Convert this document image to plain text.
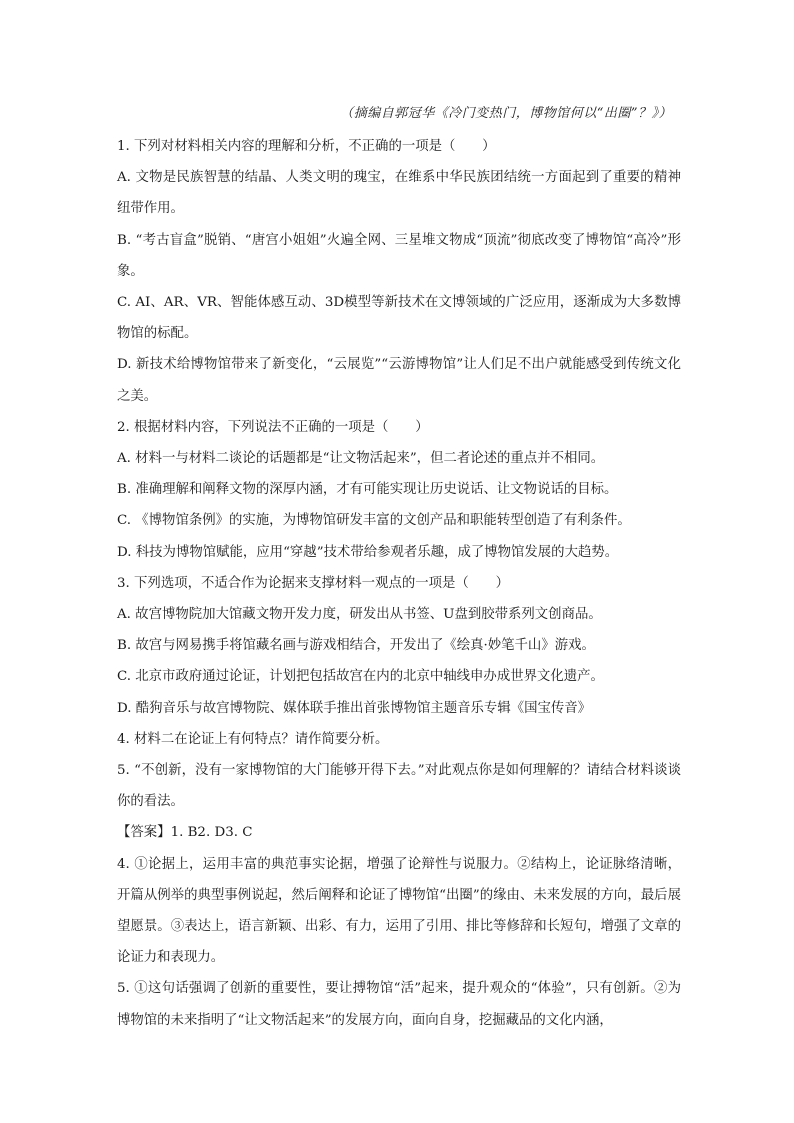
（摘编自郭冠华《冷门变热门，博物馆何以“出圈”？》）

1. 下列对材料相关内容的理解和分析，不正确的一项是（　　）

A. 文物是民族智慧的结晶、人类文明的瑰宝，在维系中华民族团结统一方面起到了重要的精神纽带作用。

B. “考古盲盒”脱销、“唐宫小姐姐”火遍全网、三星堆文物成“顶流”彻底改变了博物馆“高冷”形象。

C. AI、AR、VR、智能体感互动、3D模型等新技术在文博领域的广泛应用，逐渐成为大多数博物馆的标配。

D. 新技术给博物馆带来了新变化，“云展览”“云游博物馆”让人们足不出户就能感受到传统文化之美。

2. 根据材料内容，下列说法不正确的一项是（　　）

A. 材料一与材料二谈论的话题都是“让文物活起来”，但二者论述的重点并不相同。

B. 准确理解和阐释文物的深厚内涵，才有可能实现让历史说话、让文物说话的目标。

C. 《博物馆条例》的实施，为博物馆研发丰富的文创产品和职能转型创造了有利条件。

D. 科技为博物馆赋能，应用“穿越”技术带给参观者乐趣，成了博物馆发展的大趋势。

3. 下列选项，不适合作为论据来支撑材料一观点的一项是（　　）

A. 故宫博物院加大馆藏文物开发力度，研发出从书签、U盘到胶带系列文创商品。

B. 故宫与网易携手将馆藏名画与游戏相结合，开发出了《绘真·妙笔千山》游戏。

C. 北京市政府通过论证，计划把包括故宫在内的北京中轴线申办成世界文化遗产。

D. 酷狗音乐与故宫博物院、媒体联手推出首张博物馆主题音乐专辑《国宝传音》

4. 材料二在论证上有何特点？请作简要分析。

5. “不创新，没有一家博物馆的大门能够开得下去。”对此观点你是如何理解的？请结合材料谈谈你的看法。

【答案】1. B2. D3. C

4. ①论据上，运用丰富的典范事实论据，增强了论辩性与说服力。②结构上，论证脉络清晰，开篇从例举的典型事例说起，然后阐释和论证了博物馆“出圈”的缘由、未来发展的方向，最后展望愿景。③表达上，语言新颖、出彩、有力，运用了引用、排比等修辞和长短句，增强了文章的论证力和表现力。

5. ①这句话强调了创新的重要性，要让搏物馆“活”起来，提升观众的“体验”，只有创新。②为博物馆的未来指明了“让文物活起来”的发展方向，面向自身，挖掘藏品的文化内涵，
